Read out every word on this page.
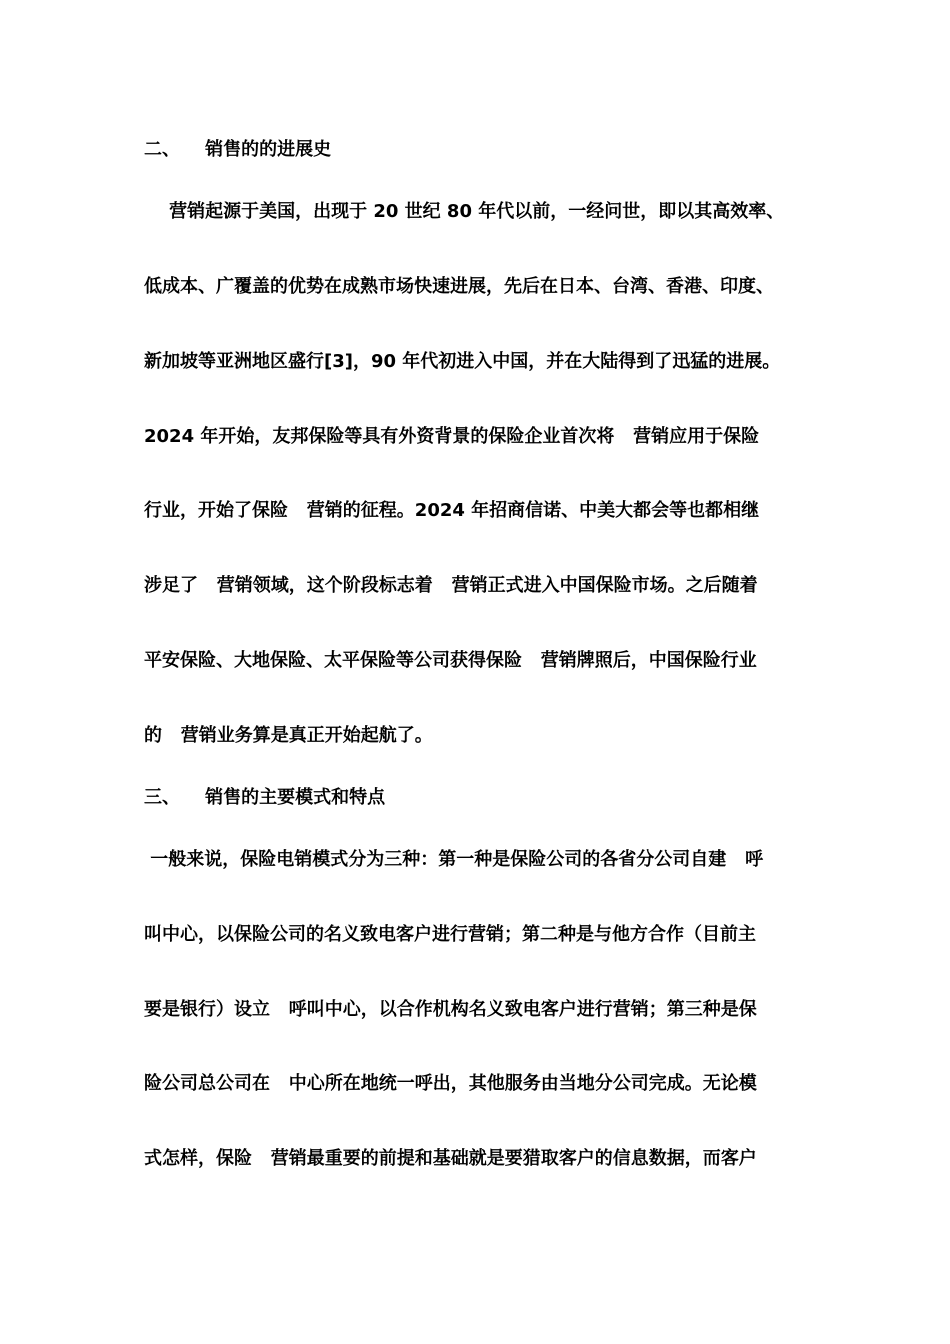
二、    销售的的进展史
营销起源于美国，出现于 20 世纪 80 年代以前，一经问世，即以其高效率、
低成本、广覆盖的优势在成熟市场快速进展，先后在日本、台湾、香港、印度、
新加坡等亚洲地区盛行[3]，90 年代初进入中国，并在大陆得到了迅猛的进展。
2024 年开始，友邦保险等具有外资背景的保险企业首次将   营销应用于保险
行业，开始了保险   营销的征程。2024 年招商信诺、中美大都会等也都相继
涉足了   营销领域，这个阶段标志着   营销正式进入中国保险市场。之后随着
平安保险、大地保险、太平保险等公司获得保险   营销牌照后，中国保险行业
的   营销业务算是真正开始起航了。
三、    销售的主要模式和特点
一般来说，保险电销模式分为三种：第一种是保险公司的各省分公司自建   呼
叫中心，以保险公司的名义致电客户进行营销；第二种是与他方合作（目前主
要是银行）设立   呼叫中心，以合作机构名义致电客户进行营销；第三种是保
险公司总公司在   中心所在地统一呼出，其他服务由当地分公司完成。无论模
式怎样，保险   营销最重要的前提和基础就是要猎取客户的信息数据，而客户
